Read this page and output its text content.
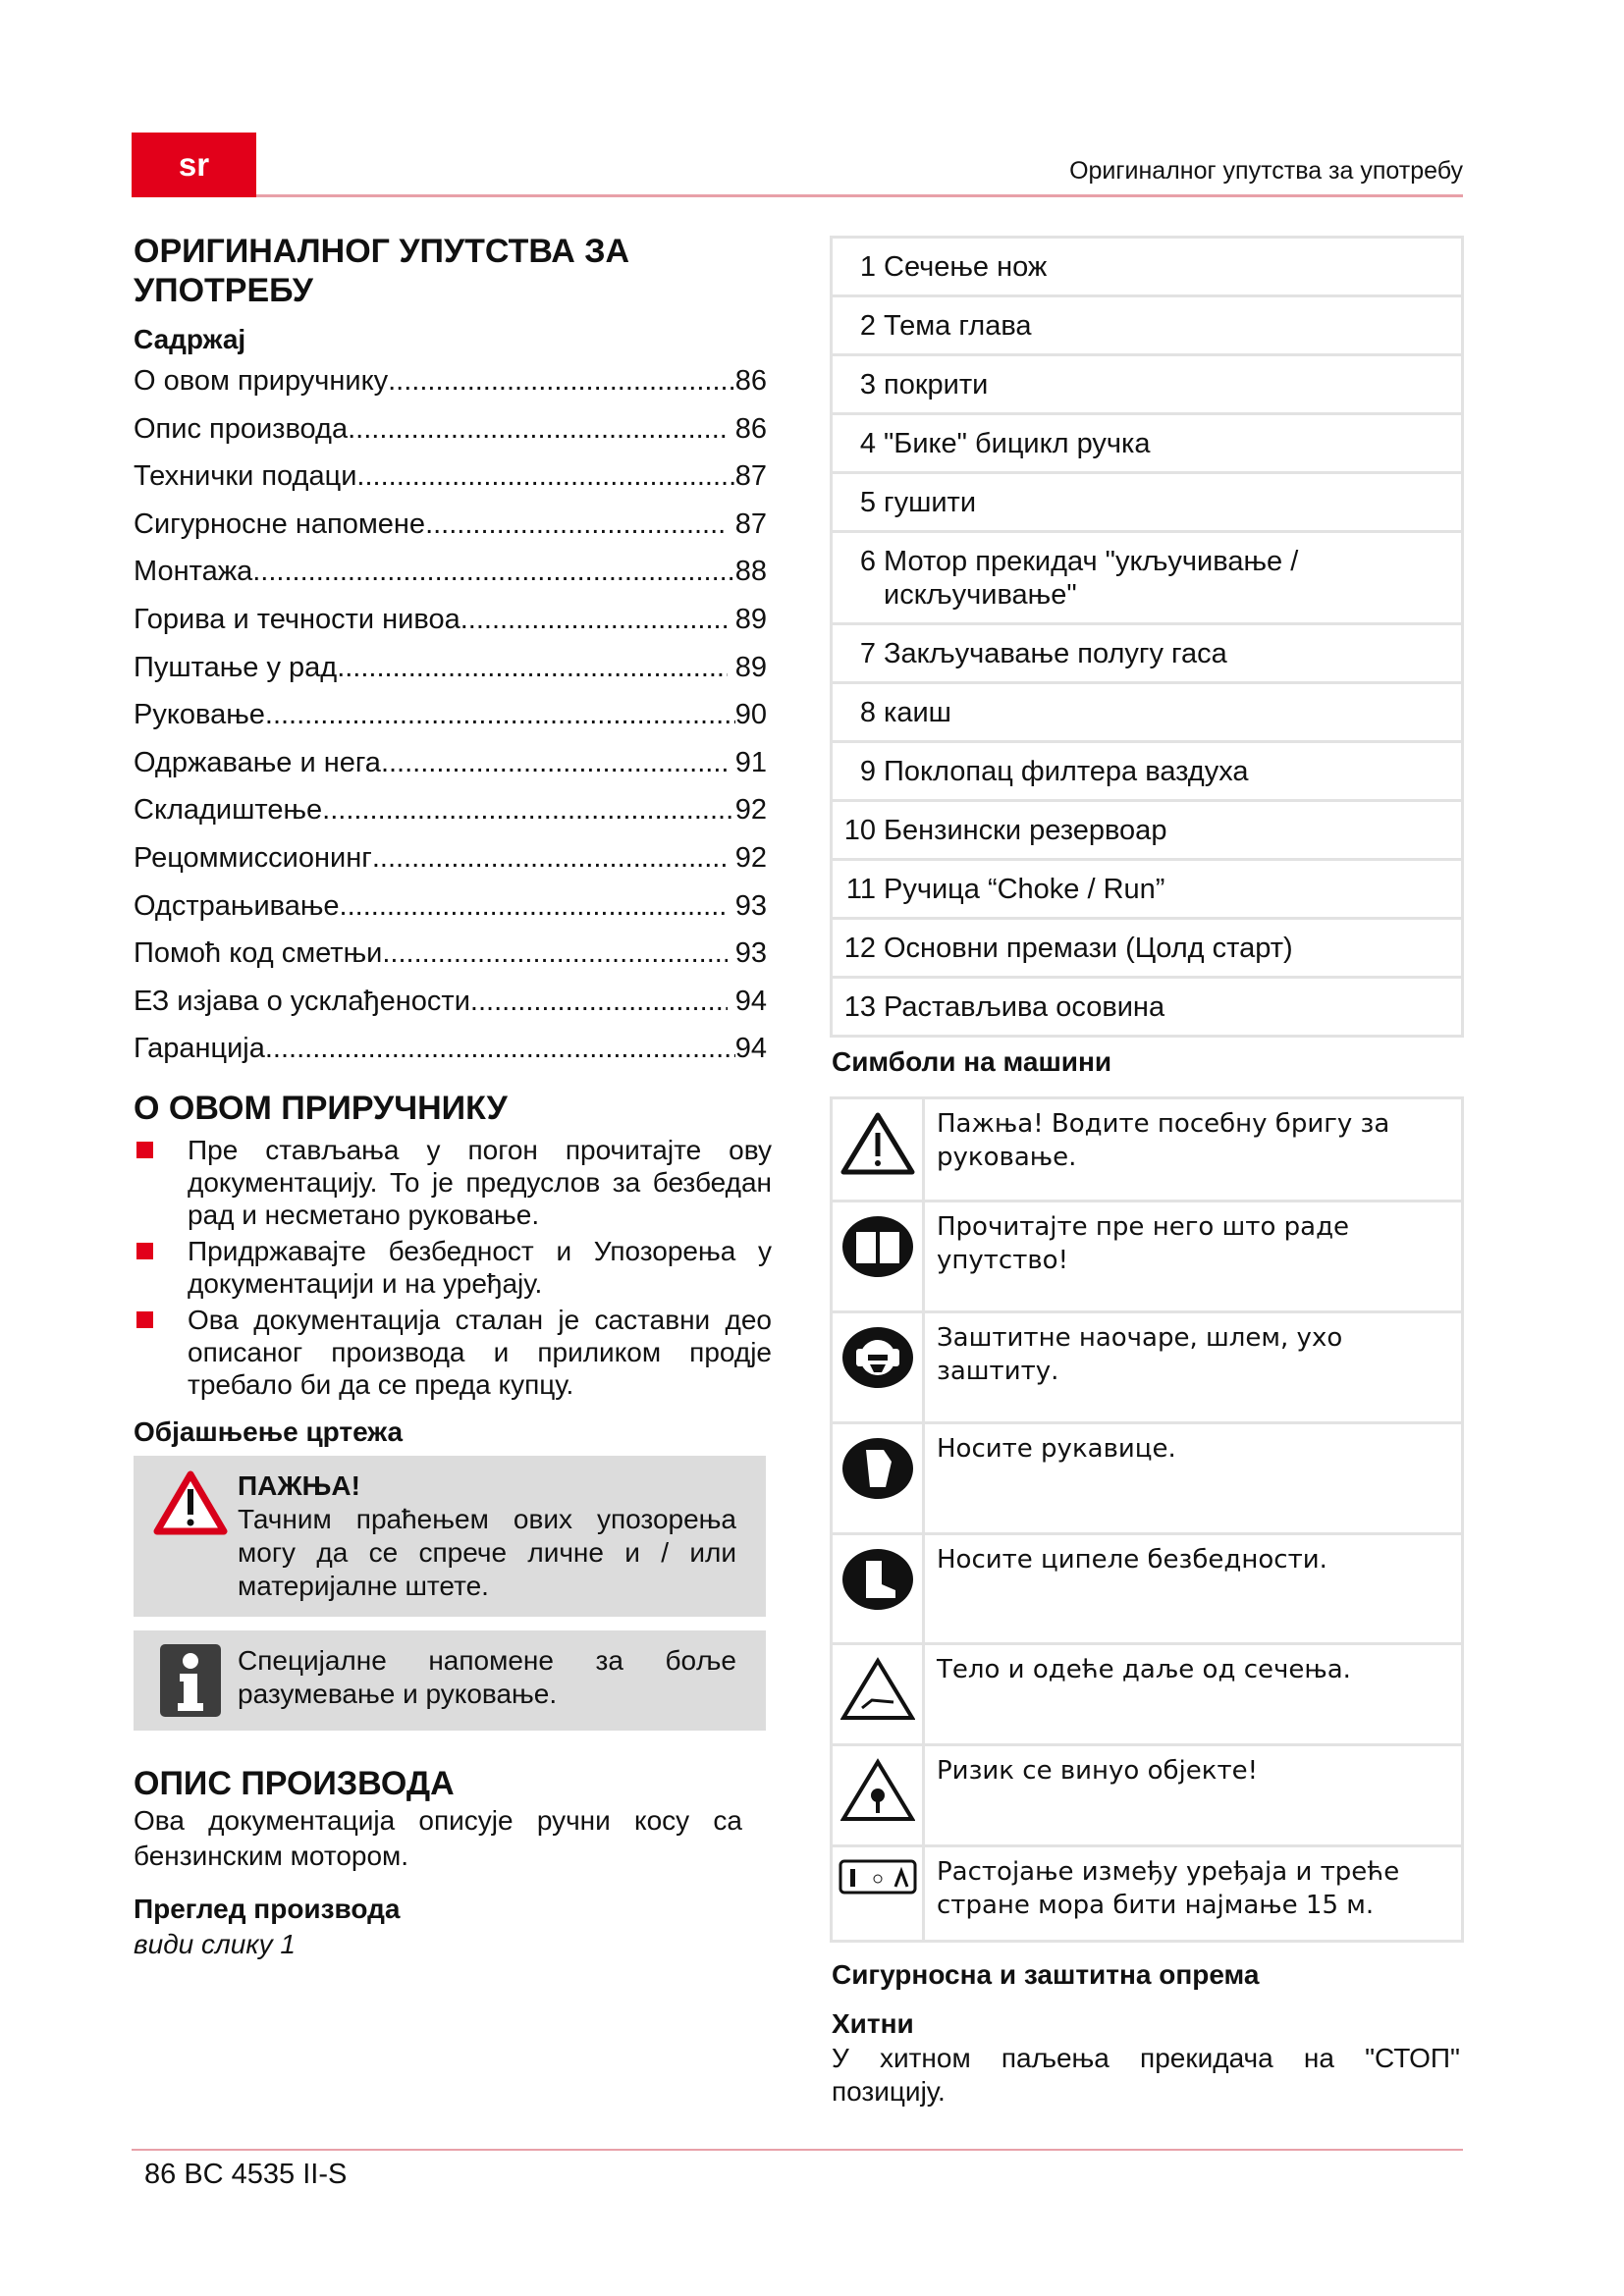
sr	Оригиналног упутства за употребу
ОРИГИНАЛНОГ УПУТСТВА ЗА УПОТРЕБУ
Садржај
О овом приручнику .....	86
Опис производа .....	86
Технички подаци .....	87
Сигурносне напомене .....	87
Монтажа .....	88
Горива и течности нивоа .....	89
Пуштање у рад .....	89
Руковање .....	90
Одржавање и нега .....	91
Складиштење .....	92
Рецоммиссионинг .....	92
Одстрањивање .....	93
Помоћ код сметњи .....	93
ЕЗ изјава о усклађености .....	94
Гаранција .....	94
О ОВОМ ПРИРУЧНИКУ
Пре стављања у погон прочитајте ову документацију. То је предуслов за безбедан рад и несметано руковање.
Придржавајте безбедност и Упозорења у документацији и на уређају.
Ова документација сталан је саставни део описаног производа и приликом продје требало би да се преда купцу.
Објашњење цртежа
ПАЖЊА!
Тачним праћењем ових упозорења могу да се спрече личне и / или материјалне штете.
Специјалне напомене за боље разумевање и руковање.
ОПИС ПРОИЗВОДА

Ова документација описује ручни косу са бензинским мотором.

Преглед производа

види слику 1

1 Сечење нож
2 Тема глава
3 покрити
4 "Бике" бицикл ручка
5 гушити
6 Мотор прекидач "укључивање / искључивање"
7 Закључавање полугу гаса
8 каиш
9 Поклопац филтера ваздуха
10 Бензински резервоар
11 Ручица “Choke / Run”
12 Основни премази (Цолд старт)
13 Растављива осовина
Симболи на машини
Пажња! Водите посебну бригу за руковање.
Прочитајте пре него што раде упутство!
Заштитне наочаре, шлем, ухо заштиту.
Носите рукавице.
Носите ципеле безбедности.
Тело и одеће даље од сечења.
Ризик се винуо објекте!
Растојање између уређаја и треће стране мора бити најмање 15 м.
Сигурносна и заштитна опрема
Хитни

У хитном паљења прекидача на "СТОП" позицију.

86 BC 4535 II-S
